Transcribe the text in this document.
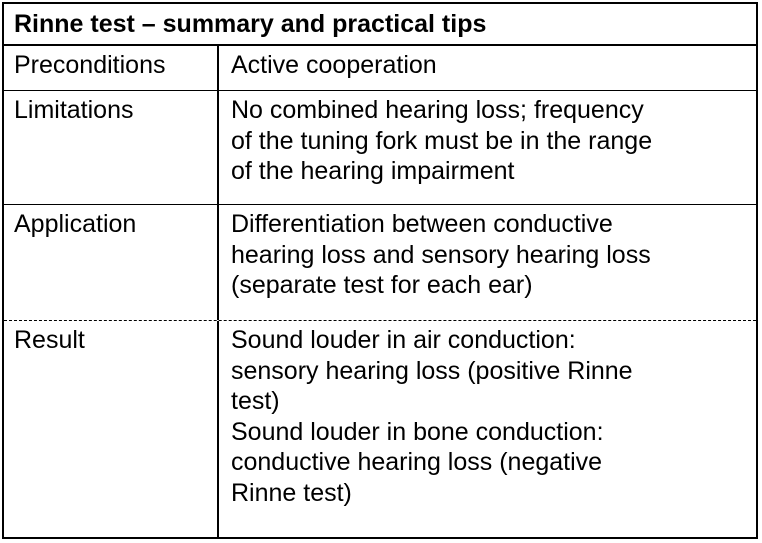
Rinne test – summary and practical tips
Preconditions	Active cooperation
Limitations	No combined hearing loss; frequency
of the tuning fork must be in the range
of the hearing impairment
Application	Differentiation between conductive
hearing loss and sensory hearing loss
(separate test for each ear)
Result	Sound louder in air conduction:
sensory hearing loss (positive Rinne
test)
Sound louder in bone conduction:
conductive hearing loss (negative
Rinne test)
